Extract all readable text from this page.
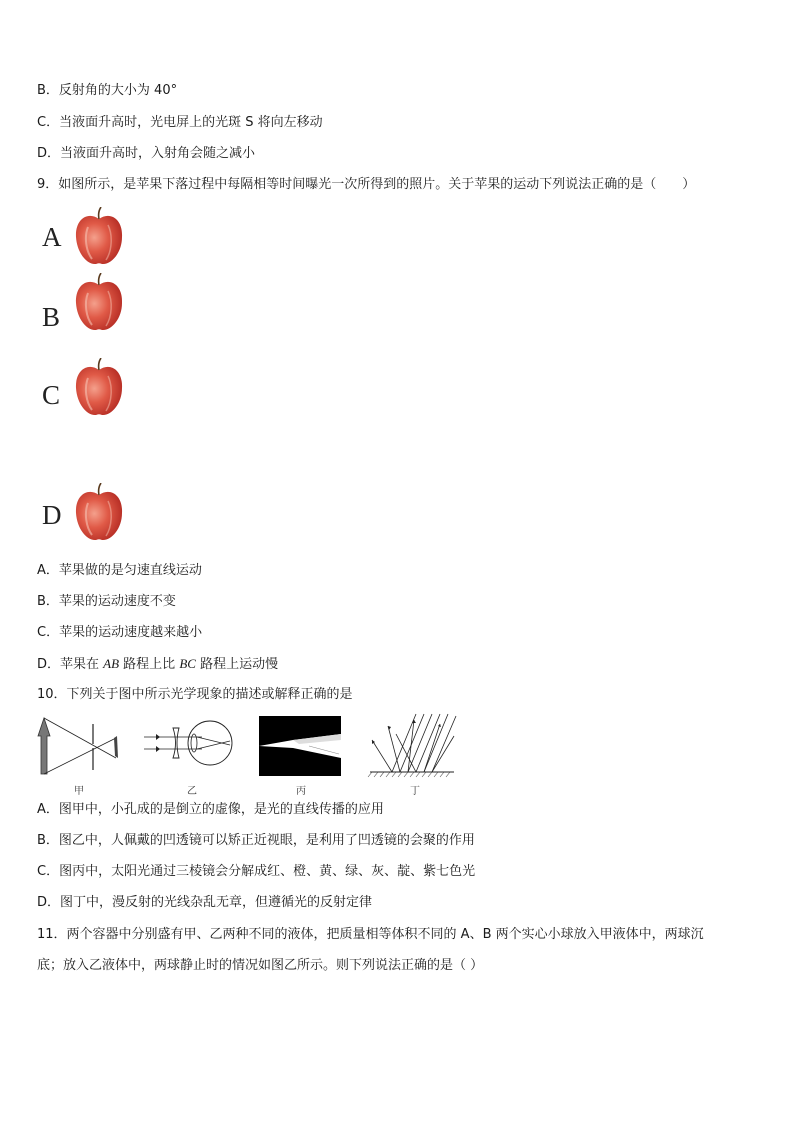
B．反射角的大小为 40°
C．当液面升高时，光电屏上的光斑 S 将向左移动
D．当液面升高时，入射角会随之减小
9．如图所示，是苹果下落过程中每隔相等时间曝光一次所得到的照片。关于苹果的运动下列说法正确的是（　　）
A
B
C
D
A．苹果做的是匀速直线运动
B．苹果的运动速度不变
C．苹果的运动速度越来越小
D．苹果在 AB 路程上比 BC 路程上运动慢
10．下列关于图中所示光学现象的描述或解释正确的是
甲	乙	丙	丁
A．图甲中，小孔成的是倒立的虚像，是光的直线传播的应用
B．图乙中，人佩戴的凹透镜可以矫正近视眼，是利用了凹透镜的会聚的作用
C．图丙中，太阳光通过三棱镜会分解成红、橙、黄、绿、灰、靛、紫七色光
D．图丁中，漫反射的光线杂乱无章，但遵循光的反射定律
11．两个容器中分别盛有甲、乙两种不同的液体，把质量相等体积不同的 A、B 两个实心小球放入甲液体中，两球沉
底；放入乙液体中，两球静止时的情况如图乙所示。则下列说法正确的是（ ）
